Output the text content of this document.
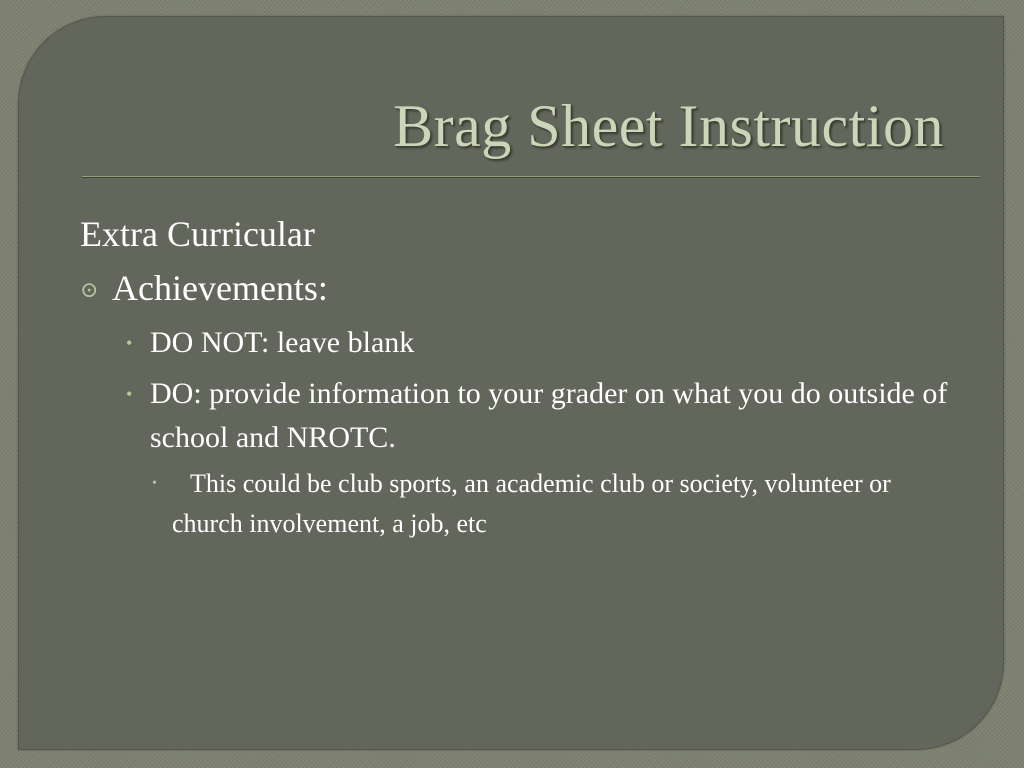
Brag Sheet Instruction

Extra Curricular

⊙ Achievements:
• DO NOT: leave blank
• DO: provide information to your grader on what you do outside of school and NROTC.
• This could be club sports, an academic club or society, volunteer or church involvement, a job, etc
